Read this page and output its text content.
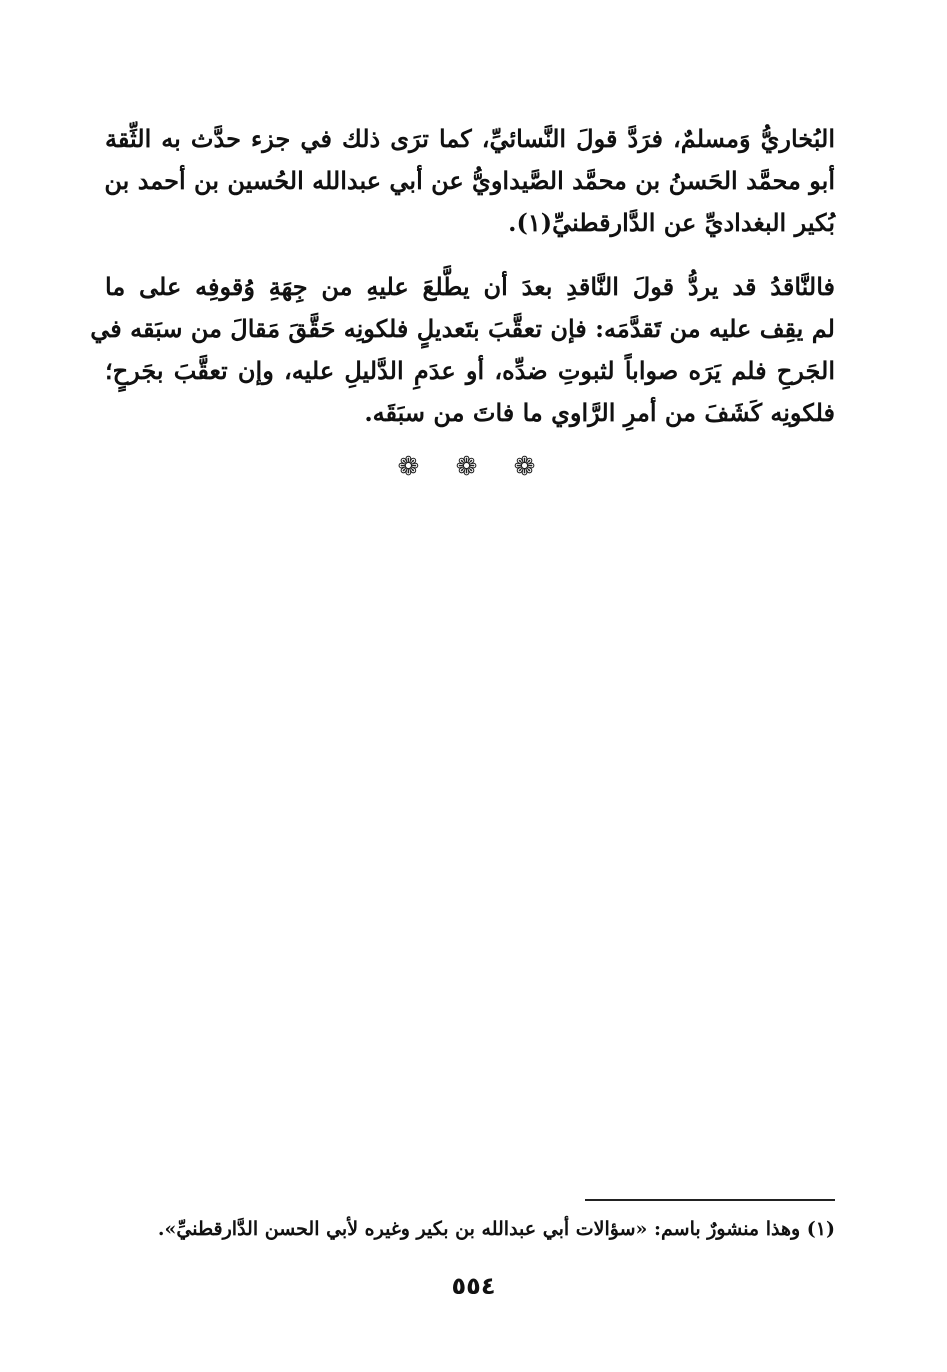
البُخاريُّ وَمسلمٌ، فرَدَّ قولَ النَّسائيِّ، كما ترَى ذلك في جزء حدَّث به الثِّقة
أبو محمَّد الحَسنُ بن محمَّد الصَّيداويُّ عن أبي عبدالله الحُسين بن أحمد بن
بُكير البغداديِّ عن الدَّارقطنيِّ(١).
فالنَّاقدُ قد يردُّ قولَ النَّاقدِ بعدَ أن يطَّلعَ عليهِ من جِهَةِ وُقوفِه على ما
لم يقِف عليه من تَقدَّمَه: فإن تعقَّبَ بتَعديلٍ فلكونِه حَقَّقَ مَقالَ من سبَقه في
الجَرحِ فلم يَرَه صواباً لثبوتِ ضدِّه، أو عدَمِ الدَّليلِ عليه، وإن تعقَّبَ بجَرحٍ؛
فلكونِه كَشَفَ من أمرِ الرَّاوي ما فاتَ من سبَقَه.
❁ ❁ ❁
(١) وهذا منشورٌ باسم: «سؤالات أبي عبدالله بن بكير وغيره لأبي الحسن الدَّارقطنيِّ».
٥٥٤
